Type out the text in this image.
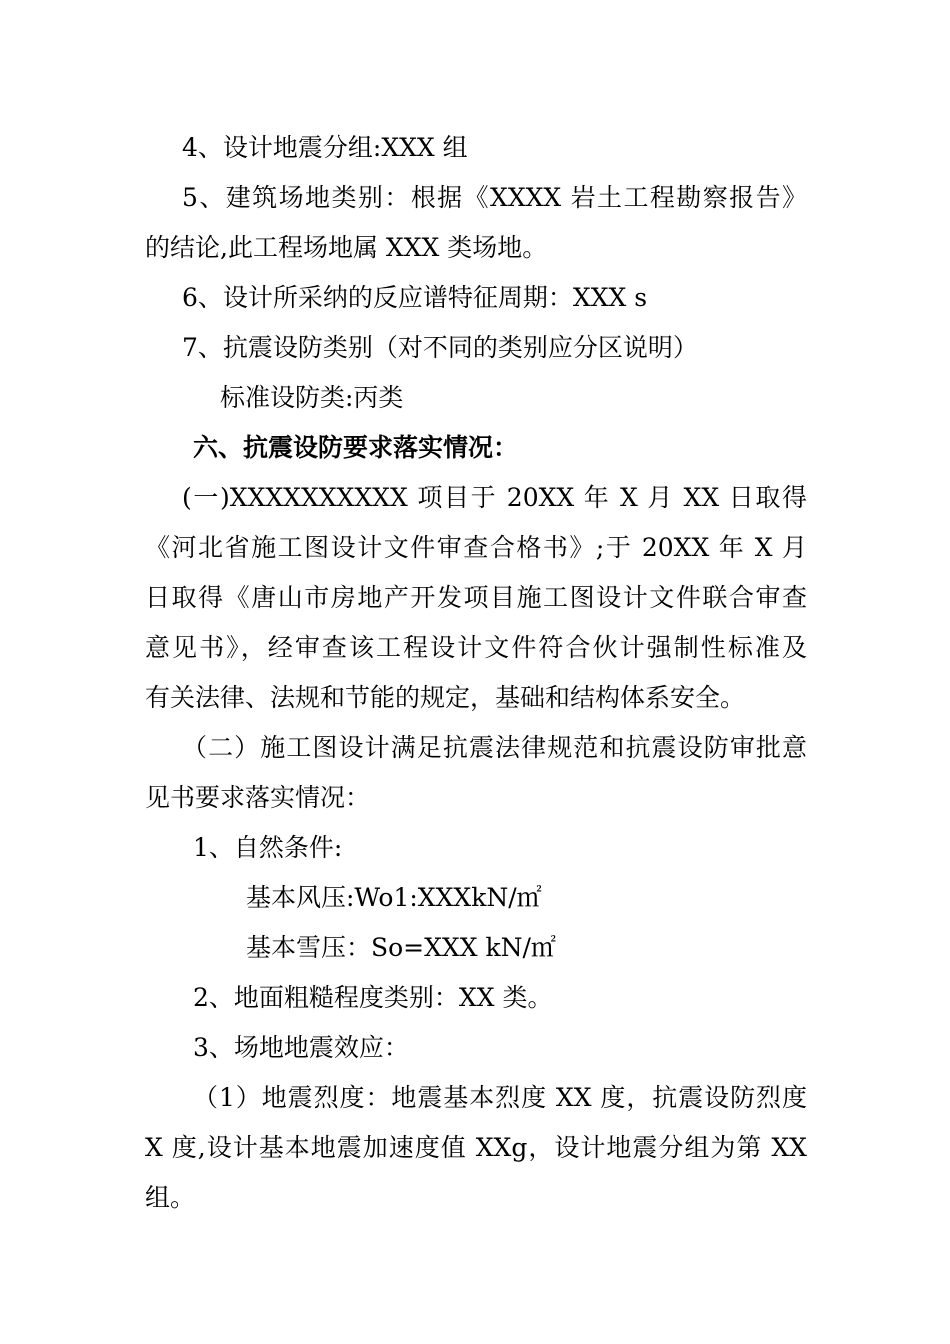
4、设计地震分组:XXX 组
5、建筑场地类别：根据《XXXX 岩土工程勘察报告》
的结论,此工程场地属 XXX 类场地。
6、设计所采纳的反应谱特征周期：XXX s
7、抗震设防类别（对不同的类别应分区说明）
标准设防类:丙类
六、抗震设防要求落实情况：
(一)XXXXXXXXXX 项目于 20XX 年 X 月 XX 日取得
《河北省施工图设计文件审查合格书》;于 20XX 年 X 月
日取得《唐山市房地产开发项目施工图设计文件联合审查
意见书》，经审查该工程设计文件符合伙计强制性标准及
有关法律、法规和节能的规定，基础和结构体系安全。
（二）施工图设计满足抗震法律规范和抗震设防审批意
见书要求落实情况：
1、自然条件:
基本风压:Wo1:XXXkN/㎡
基本雪压：So=XXX kN/㎡
2、地面粗糙程度类别：XX 类。
3、场地地震效应：
（1）地震烈度：地震基本烈度 XX 度，抗震设防烈度
X 度,设计基本地震加速度值 XXg，设计地震分组为第 XX
组。
